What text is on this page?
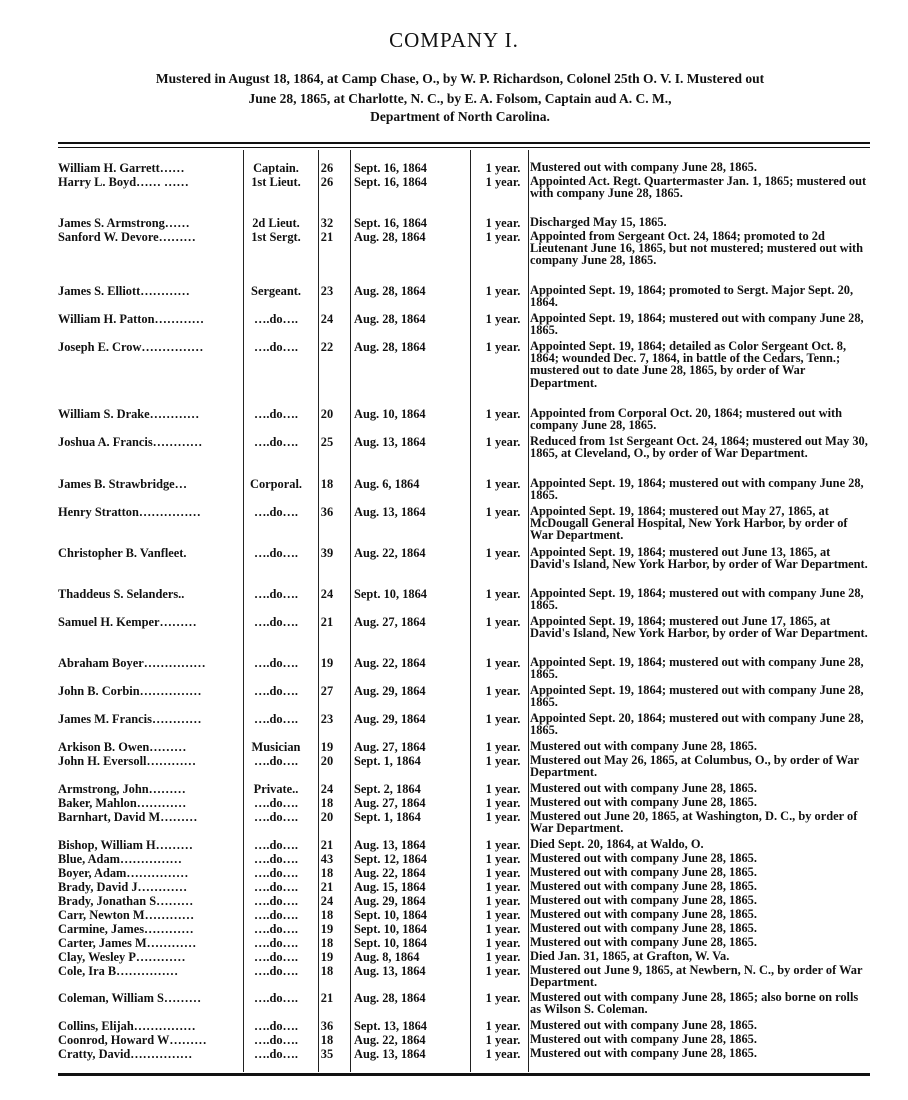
COMPANY I.
Mustered in August 18, 1864, at Camp Chase, O., by W. P. Richardson, Colonel 25th O. V. I. Mustered out
June 28, 1865, at Charlotte, N. C., by E. A. Folsom, Captain aud A. C. M.,
Department of North Carolina.
William H. Garrett……	Captain.	26	Sept. 16, 1864	1 year. Mustered out with company June 28, 1865.
Harry L. Boyd…… ……	1st Lieut.	26	Sept. 16, 1864	1 year. Appointed Act. Regt. Quartermaster Jan. 1, 1865; mustered out with company June 28, 1865.
James S. Armstrong……	2d Lieut.	32	Sept. 16, 1864	1 year. Discharged May 15, 1865.
Sanford W. Devore………	1st Sergt.	21	Aug. 28, 1864	1 year. Appointed from Sergeant Oct. 24, 1864; promoted to 2d Lieutenant June 16, 1865, but not mustered; mustered out with company June 28, 1865.
James S. Elliott…………	Sergeant.	23	Aug. 28, 1864	1 year. Appointed Sept. 19, 1864; promoted to Sergt. Major Sept. 20, 1864.
William H. Patton…………	….do….	24	Aug. 28, 1864	1 year. Appointed Sept. 19, 1864; mustered out with company June 28, 1865.
Joseph E. Crow……………	….do….	22	Aug. 28, 1864	1 year. Appointed Sept. 19, 1864; detailed as Color Sergeant Oct. 8, 1864; wounded Dec. 7, 1864, in battle of the Cedars, Tenn.; mustered out to date June 28, 1865, by order of War Department.
William S. Drake…………	….do….	20	Aug. 10, 1864	1 year. Appointed from Corporal Oct. 20, 1864; mustered out with company June 28, 1865.
Joshua A. Francis…………	….do….	25	Aug. 13, 1864	1 year. Reduced from 1st Sergeant Oct. 24, 1864; mustered out May 30, 1865, at Cleveland, O., by order of War Department.
James B. Strawbridge…	Corporal.	18	Aug. 6, 1864	1 year. Appointed Sept. 19, 1864; mustered out with company June 28, 1865.
Henry Stratton……………	….do….	36	Aug. 13, 1864	1 year. Appointed Sept. 19, 1864; mustered out May 27, 1865, at McDougall General Hospital, New York Harbor, by order of War Department.
Christopher B. Vanfleet.	….do….	39	Aug. 22, 1864	1 year. Appointed Sept. 19, 1864; mustered out June 13, 1865, at David's Island, New York Harbor, by order of War Department.
Thaddeus S. Selanders..	….do….	24	Sept. 10, 1864	1 year. Appointed Sept. 19, 1864; mustered out with company June 28, 1865.
Samuel H. Kemper………	….do….	21	Aug. 27, 1864	1 year. Appointed Sept. 19, 1864; mustered out June 17, 1865, at David's Island, New York Harbor, by order of War Department.
Abraham Boyer……………	….do….	19	Aug. 22, 1864	1 year. Appointed Sept. 19, 1864; mustered out with company June 28, 1865.
John B. Corbin……………	….do….	27	Aug. 29, 1864	1 year. Appointed Sept. 19, 1864; mustered out with company June 28, 1865.
James M. Francis…………	….do….	23	Aug. 29, 1864	1 year. Appointed Sept. 20, 1864; mustered out with company June 28, 1865.
Arkison B. Owen………	Musician	19	Aug. 27, 1864	1 year. Mustered out with company June 28, 1865.
John H. Eversoll…………	….do….	20	Sept. 1, 1864	1 year. Mustered out May 26, 1865, at Columbus, O., by order of War Department.
Armstrong, John………	Private..	24	Sept. 2, 1864	1 year. Mustered out with company June 28, 1865.
Baker, Mahlon…………	….do….	18	Aug. 27, 1864	1 year. Mustered out with company June 28, 1865.
Barnhart, David M………	….do….	20	Sept. 1, 1864	1 year. Mustered out June 20, 1865, at Washington, D. C., by order of War Department.
Bishop, William H………	….do….	21	Aug. 13, 1864	1 year. Died Sept. 20, 1864, at Waldo, O.
Blue, Adam……………	….do….	43	Sept. 12, 1864	1 year. Mustered out with company June 28, 1865.
Boyer, Adam……………	….do….	18	Aug. 22, 1864	1 year. Mustered out with company June 28, 1865.
Brady, David J…………	….do….	21	Aug. 15, 1864	1 year. Mustered out with company June 28, 1865.
Brady, Jonathan S………	….do….	24	Aug. 29, 1864	1 year. Mustered out with company June 28, 1865.
Carr, Newton M…………	….do….	18	Sept. 10, 1864	1 year. Mustered out with company June 28, 1865.
Carmine, James…………	….do….	19	Sept. 10, 1864	1 year. Mustered out with company June 28, 1865.
Carter, James M…………	….do….	18	Sept. 10, 1864	1 year. Mustered out with company June 28, 1865.
Clay, Wesley P…………	….do….	19	Aug. 8, 1864	1 year. Died Jan. 31, 1865, at Grafton, W. Va.
Cole, Ira B……………	….do….	18	Aug. 13, 1864	1 year. Mustered out June 9, 1865, at Newbern, N. C., by order of War Department.
Coleman, William S………	….do….	21	Aug. 28, 1864	1 year. Mustered out with company June 28, 1865; also borne on rolls as Wilson S. Coleman.
Collins, Elijah……………	….do….	36	Sept. 13, 1864	1 year. Mustered out with company June 28, 1865.
Coonrod, Howard W………	….do….	18	Aug. 22, 1864	1 year. Mustered out with company June 28, 1865.
Cratty, David……………	….do….	35	Aug. 13, 1864	1 year. Mustered out with company June 28, 1865.
